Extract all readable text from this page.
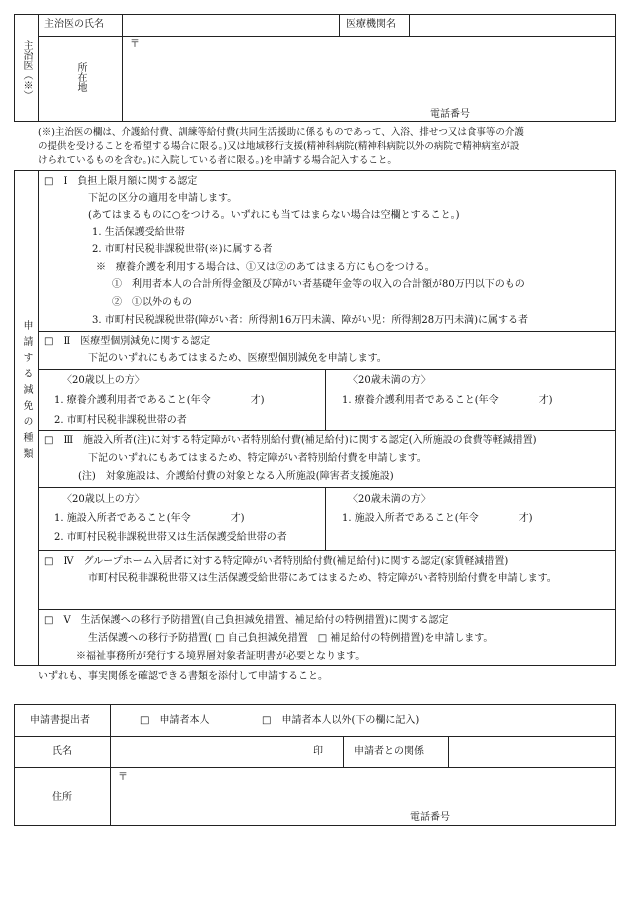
主治医（※）
主治医の氏名	医療機関名
所在地
〒
電話番号
(※)主治医の欄は、介護給付費、訓練等給付費(共同生活援助に係るものであって、入浴、排せつ又は食事等の介護
の提供を受けることを希望する場合に限る。)又は地域移行支援(精神科病院(精神科病院以外の病院で精神病室が設
けられているものを含む。)に入院している者に限る。)を申請する場合記入すること。
申請する減免の種類
□　Ⅰ　負担上限月額に関する認定
下記の区分の適用を申請します。
(あてはまるものに○をつける。いずれにも当てはまらない場合は空欄とすること。)
1. 生活保護受給世帯
2. 市町村民税非課税世帯(※)に属する者
※　療養介護を利用する場合は、①又は②のあてはまる方にも○をつける。
①　利用者本人の合計所得金額及び障がい者基礎年金等の収入の合計額が80万円以下のもの
②　①以外のもの
3. 市町村民税課税世帯(障がい者：所得割16万円未満、障がい児：所得割28万円未満)に属する者
□　Ⅱ　医療型個別減免に関する認定
下記のいずれにもあてはまるため、医療型個別減免を申請します。
〈20歳以上の方〉
1. 療養介護利用者であること(年令　　　　才)
2. 市町村民税非課税世帯の者
〈20歳未満の方〉
1. 療養介護利用者であること(年令　　　　才)
□　Ⅲ　施設入所者(注)に対する特定障がい者特別給付費(補足給付)に関する認定(入所施設の食費等軽減措置)
下記のいずれにもあてはまるため、特定障がい者特別給付費を申請します。
(注)　対象施設は、介護給付費の対象となる入所施設(障害者支援施設)
〈20歳以上の方〉
1. 施設入所者であること(年令　　　　才)
2. 市町村民税非課税世帯又は生活保護受給世帯の者
〈20歳未満の方〉
1. 施設入所者であること(年令　　　　才)
□　Ⅳ　グループホーム入居者に対する特定障がい者特別給付費(補足給付)に関する認定(家賃軽減措置)
市町村民税非課税世帯又は生活保護受給世帯にあてはまるため、特定障がい者特別給付費を申請します。
□　Ⅴ　生活保護への移行予防措置(自己負担減免措置、補足給付の特例措置)に関する認定
生活保護への移行予防措置( □ 自己負担減免措置　□ 補足給付の特例措置)を申請します。
※福祉事務所が発行する境界層対象者証明書が必要となります。
いずれも、事実関係を確認できる書類を添付して申請すること。
申請書提出者	□　申請者本人	□　申請者本人以外(下の欄に記入)
氏名	印	申請者との関係
住所
〒
電話番号
